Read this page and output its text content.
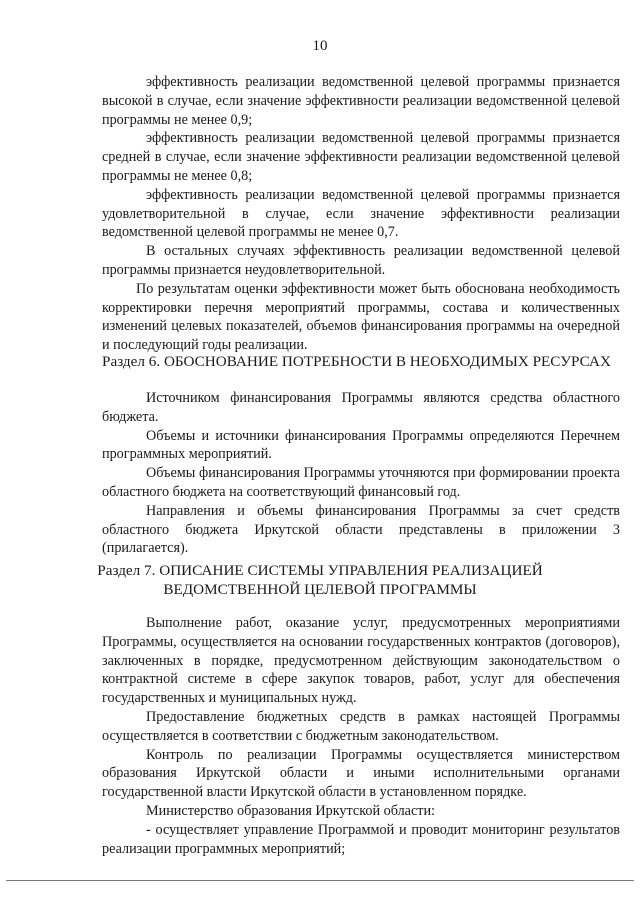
10

эффективность реализации ведомственной целевой программы признается высокой в случае, если значение эффективности реализации ведомственной целевой программы не менее 0,9;

эффективность реализации ведомственной целевой программы признается средней в случае, если значение эффективности реализации ведомственной целевой программы не менее 0,8;

эффективность реализации ведомственной целевой программы признается удовлетворительной в случае, если значение эффективности реализации ведомственной целевой программы не менее 0,7.

В остальных случаях эффективность реализации ведомственной целевой программы признается неудовлетворительной.

По результатам оценки эффективности может быть обоснована необходимость корректировки перечня мероприятий программы, состава и количественных изменений целевых показателей, объемов финансирования программы на очередной и последующий годы реализации.

Раздел 6. ОБОСНОВАНИЕ ПОТРЕБНОСТИ В НЕОБХОДИМЫХ РЕСУРСАХ

Источником финансирования Программы являются средства областного бюджета.

Объемы и источники финансирования Программы определяются Перечнем программных мероприятий.

Объемы финансирования Программы уточняются при формировании проекта областного бюджета на соответствующий финансовый год.

Направления и объемы финансирования Программы за счет средств областного бюджета Иркутской области представлены в приложении 3 (прилагается).

Раздел 7. ОПИСАНИЕ СИСТЕМЫ УПРАВЛЕНИЯ РЕАЛИЗАЦИЕЙ
ВЕДОМСТВЕННОЙ ЦЕЛЕВОЙ ПРОГРАММЫ

Выполнение работ, оказание услуг, предусмотренных мероприятиями Программы, осуществляется на основании государственных контрактов (договоров), заключенных в порядке, предусмотренном действующим законодательством о контрактной системе в сфере закупок товаров, работ, услуг для обеспечения государственных и муниципальных нужд.

Предоставление бюджетных средств в рамках настоящей Программы осуществляется в соответствии с бюджетным законодательством.

Контроль по реализации Программы осуществляется министерством образования Иркутской области и иными исполнительными органами государственной власти Иркутской области в установленном порядке.

Министерство образования Иркутской области:

- осуществляет управление Программой и проводит мониторинг результатов реализации программных мероприятий;
